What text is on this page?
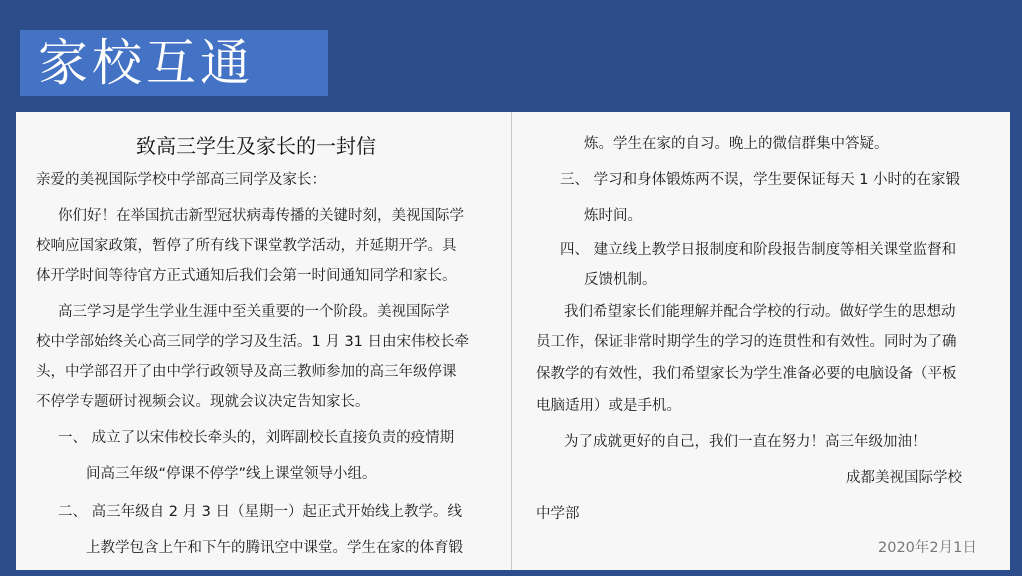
家校互通
致高三学生及家长的一封信
亲爱的美视国际学校中学部高三同学及家长：
你们好！在举国抗击新型冠状病毒传播的关键时刻，美视国际学
校响应国家政策，暂停了所有线下课堂教学活动，并延期开学。具
体开学时间等待官方正式通知后我们会第一时间通知同学和家长。
高三学习是学生学业生涯中至关重要的一个阶段。美视国际学
校中学部始终关心高三同学的学习及生活。1 月 31 日由宋伟校长牵
头，中学部召开了由中学行政领导及高三教师参加的高三年级停课
不停学专题研讨视频会议。现就会议决定告知家长。
一、 成立了以宋伟校长牵头的，刘晖副校长直接负责的疫情期
间高三年级“停课不停学”线上课堂领导小组。
二、 高三年级自 2 月 3 日（星期一）起正式开始线上教学。线
上教学包含上午和下午的腾讯空中课堂。学生在家的体育锻
炼。学生在家的自习。晚上的微信群集中答疑。
三、 学习和身体锻炼两不误，学生要保证每天 1 小时的在家锻
炼时间。
四、 建立线上教学日报制度和阶段报告制度等相关课堂监督和
反馈机制。
我们希望家长们能理解并配合学校的行动。做好学生的思想动
员工作，保证非常时期学生的学习的连贯性和有效性。同时为了确
保教学的有效性，我们希望家长为学生准备必要的电脑设备（平板
电脑适用）或是手机。
为了成就更好的自己，我们一直在努力！高三年级加油！
成都美视国际学校
中学部
2020年2月1日
